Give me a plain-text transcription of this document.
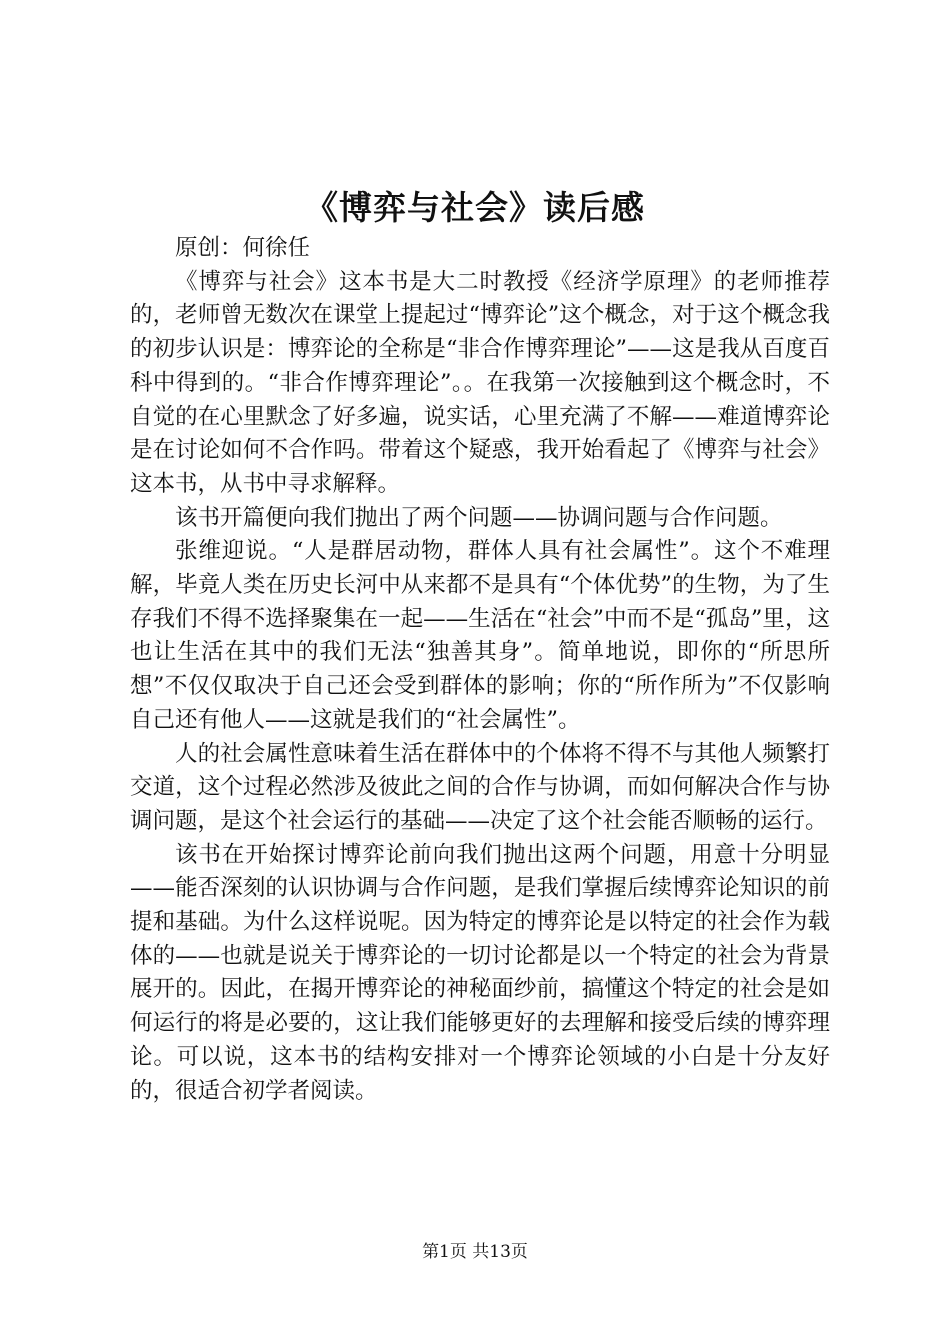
《博弈与社会》读后感

原创：何徐任

《博弈与社会》这本书是大二时教授《经济学原理》的老师推荐的，老师曾无数次在课堂上提起过“博弈论”这个概念，对于这个概念我的初步认识是：博弈论的全称是“非合作博弈理论”——这是我从百度百科中得到的。“非合作博弈理论”。。在我第一次接触到这个概念时，不自觉的在心里默念了好多遍，说实话，心里充满了不解——难道博弈论是在讨论如何不合作吗。带着这个疑惑，我开始看起了《博弈与社会》这本书，从书中寻求解释。

该书开篇便向我们抛出了两个问题——协调问题与合作问题。

张维迎说。“人是群居动物，群体人具有社会属性”。这个不难理解，毕竟人类在历史长河中从来都不是具有“个体优势”的生物，为了生存我们不得不选择聚集在一起——生活在“社会”中而不是“孤岛”里，这也让生活在其中的我们无法“独善其身”。简单地说，即你的“所思所想”不仅仅取决于自己还会受到群体的影响；你的“所作所为”不仅影响自己还有他人——这就是我们的“社会属性”。

人的社会属性意味着生活在群体中的个体将不得不与其他人频繁打交道，这个过程必然涉及彼此之间的合作与协调，而如何解决合作与协调问题，是这个社会运行的基础——决定了这个社会能否顺畅的运行。

该书在开始探讨博弈论前向我们抛出这两个问题，用意十分明显——能否深刻的认识协调与合作问题，是我们掌握后续博弈论知识的前提和基础。为什么这样说呢。因为特定的博弈论是以特定的社会作为载体的——也就是说关于博弈论的一切讨论都是以一个特定的社会为背景展开的。因此，在揭开博弈论的神秘面纱前，搞懂这个特定的社会是如何运行的将是必要的，这让我们能够更好的去理解和接受后续的博弈理论。可以说，这本书的结构安排对一个博弈论领域的小白是十分友好的，很适合初学者阅读。

第1页 共13页
